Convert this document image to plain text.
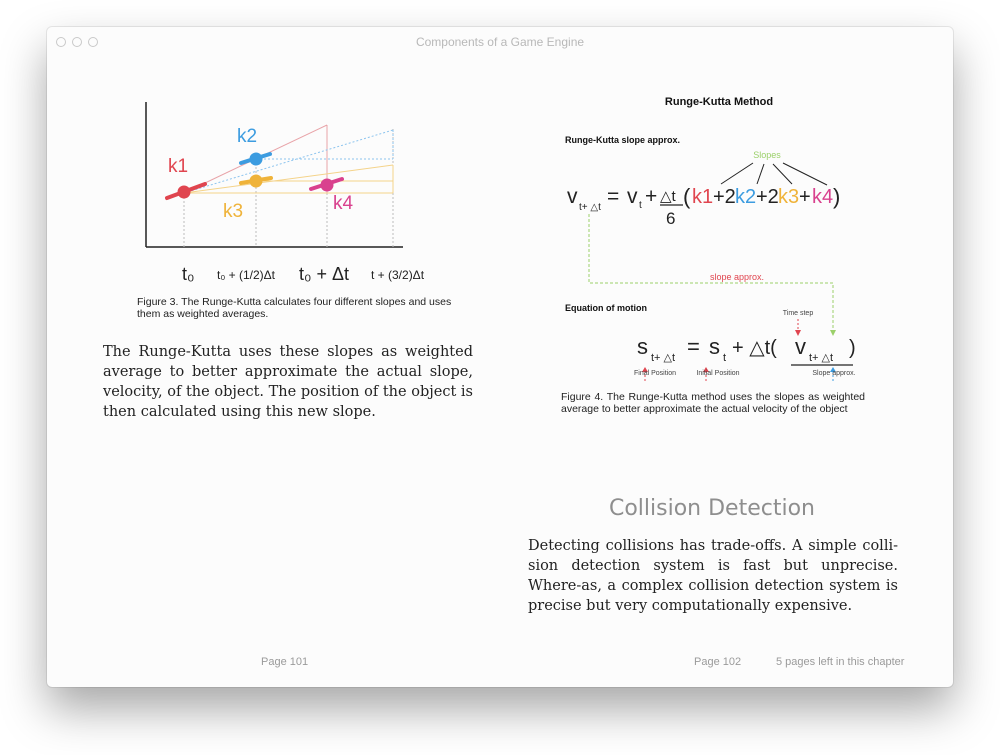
Components of a Game Engine
k1
k2
k3	k4
t₀ t₀ + (1/2)Δt t₀ + Δt t + (3/2)Δt
Figure 3. The Runge-Kutta calculates four different slopes and uses them as weighted averages.
The Runge-Kutta uses these slopes as weighted average to better approximate the actual slope, velocity, of the object. The position of the object is then calculated using this new slope.
Runge-Kutta Method
Runge-Kutta slope approx.
Slopes
v t+ △t = v t + △t
6
( k1 +2 k2 +2 k3 + k4 )
slope approx.
Equation of motion
Time step
s t+ △t = s t + △t( v t+ △t )
Final Position	Initial Position	Slope approx.
Figure 4. The Runge-Kutta method uses the slopes as weighted average to better approximate the actual velocity of the object
Collision Detection
Detecting collisions has trade-offs. A simple colli-sion detection system is fast but unprecise. Where-as, a complex collision detection system is precise but very computationally expensive.
Page 101	Page 102	5 pages left in this chapter
